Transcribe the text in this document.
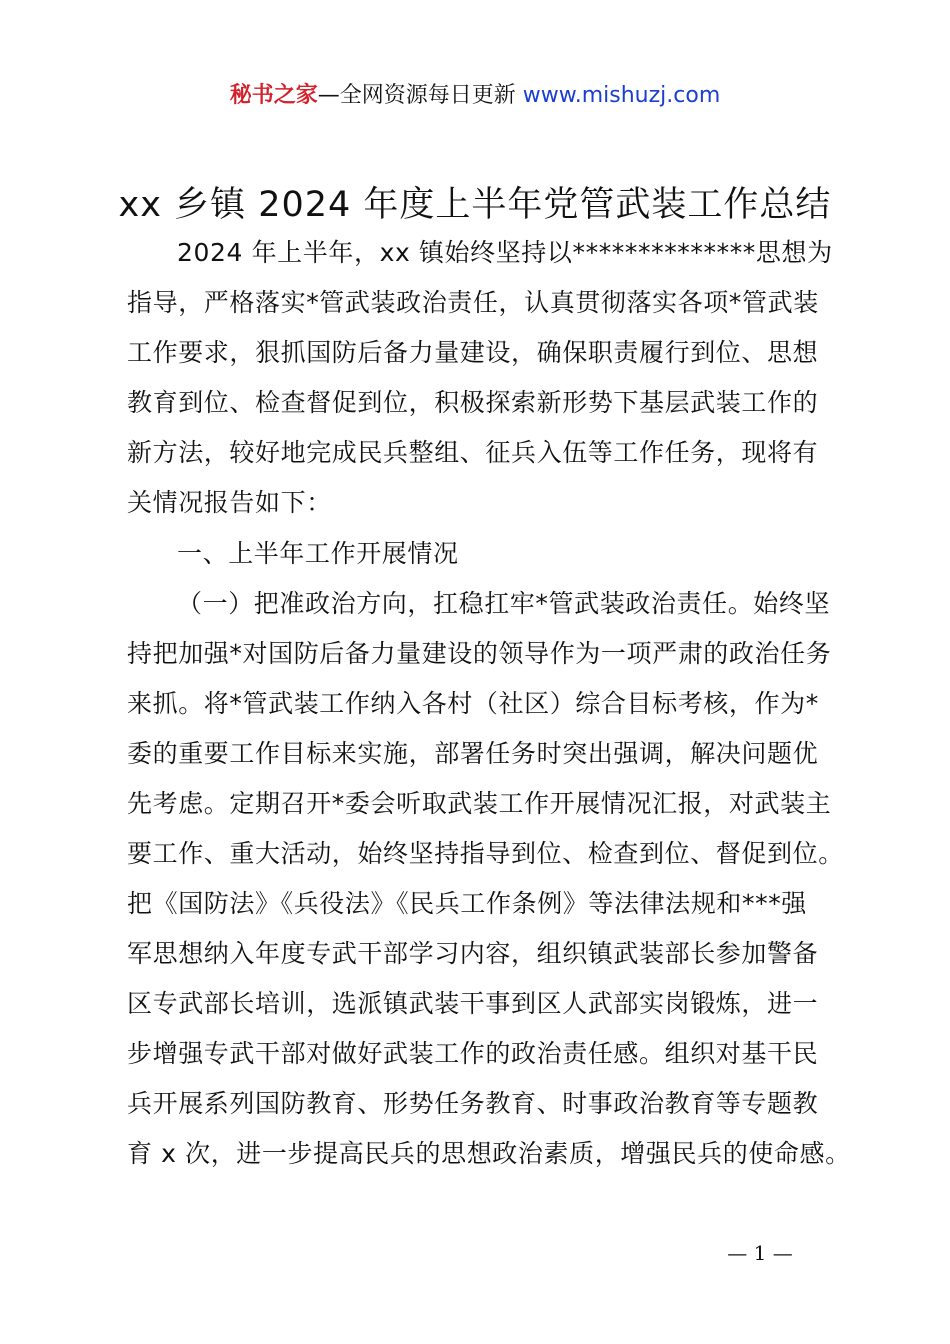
秘书之家—全网资源每日更新 www.mishuzj.com
xx 乡镇 2024 年度上半年党管武装工作总结
2024 年上半年，xx 镇始终坚持以**************思想为
指导，严格落实*管武装政治责任，认真贯彻落实各项*管武装
工作要求，狠抓国防后备力量建设，确保职责履行到位、思想
教育到位、检查督促到位，积极探索新形势下基层武装工作的
新方法，较好地完成民兵整组、征兵入伍等工作任务，现将有
关情况报告如下：
一、上半年工作开展情况
（一）把准政治方向，扛稳扛牢*管武装政治责任。始终坚
持把加强*对国防后备力量建设的领导作为一项严肃的政治任务
来抓。将*管武装工作纳入各村（社区）综合目标考核，作为*
委的重要工作目标来实施，部署任务时突出强调，解决问题优
先考虑。定期召开*委会听取武装工作开展情况汇报，对武装主
要工作、重大活动，始终坚持指导到位、检查到位、督促到位。
把《国防法》《兵役法》《民兵工作条例》等法律法规和***强
军思想纳入年度专武干部学习内容，组织镇武装部长参加警备
区专武部长培训，选派镇武装干事到区人武部实岗锻炼，进一
步增强专武干部对做好武装工作的政治责任感。组织对基干民
兵开展系列国防教育、形势任务教育、时事政治教育等专题教
育 x 次，进一步提高民兵的思想政治素质，增强民兵的使命感。
— 1 —
